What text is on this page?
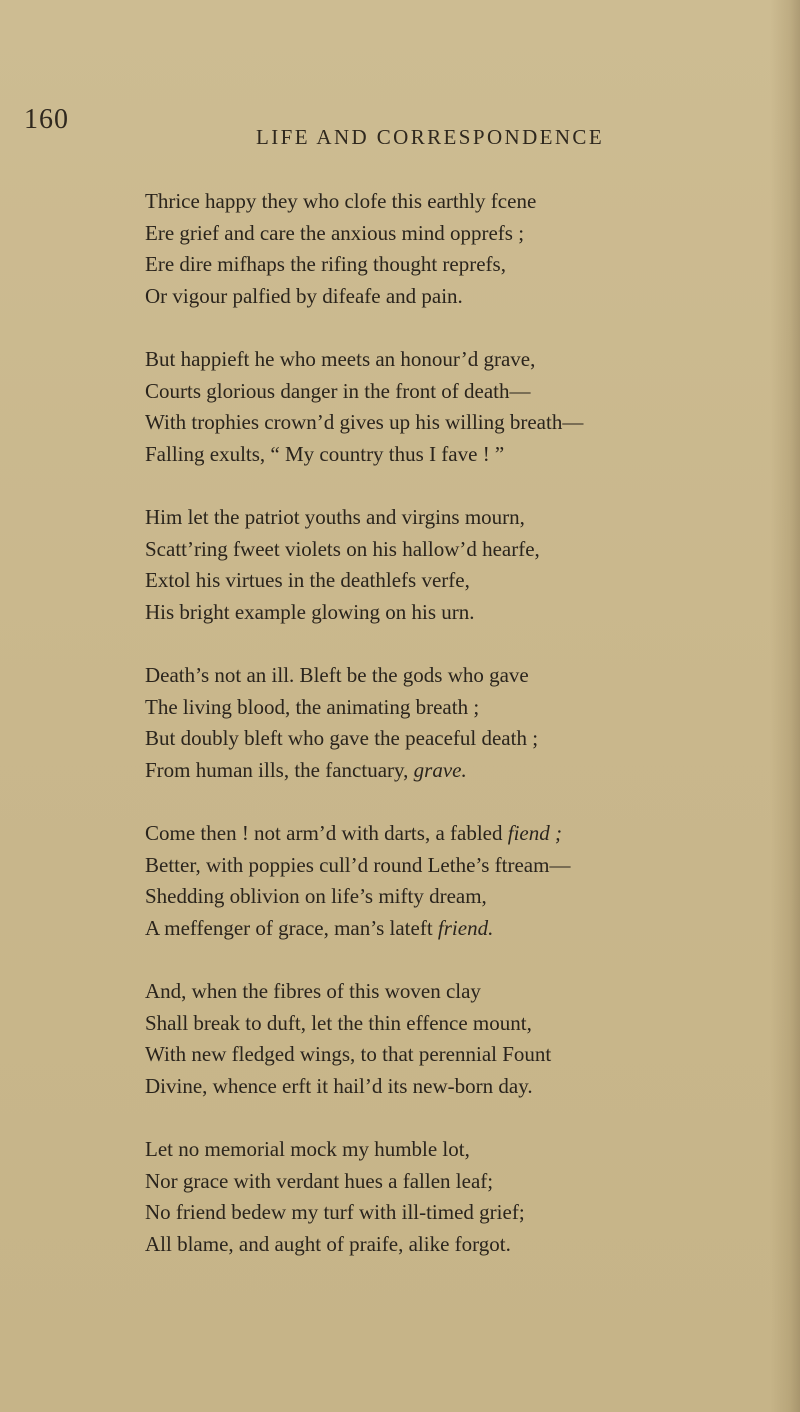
160
LIFE AND CORRESPONDENCE
Thrice happy they who clofe this earthly fcene
Ere grief and care the anxious mind opprefs ;
Ere dire mifhaps the rifing thought reprefs,
Or vigour palfied by difeafe and pain.
But happieft he who meets an honour’d grave,
Courts glorious danger in the front of death—
With trophies crown’d gives up his willing breath—
Falling exults, “ My country thus I fave ! ”
Him let the patriot youths and virgins mourn,
Scatt’ring fweet violets on his hallow’d hearfe,
Extol his virtues in the deathlefs verfe,
His bright example glowing on his urn.
Death’s not an ill. Bleft be the gods who gave
The living blood, the animating breath ;
But doubly bleft who gave the peaceful death ;
From human ills, the fanctuary, grave.
Come then ! not arm’d with darts, a fabled fiend ;
Better, with poppies cull’d round Lethe’s ftream—
Shedding oblivion on life’s mifty dream,
A meffenger of grace, man’s lateft friend.
And, when the fibres of this woven clay
Shall break to duft, let the thin effence mount,
With new fledged wings, to that perennial Fount
Divine, whence erft it hail’d its new-born day.
Let no memorial mock my humble lot,
Nor grace with verdant hues a fallen leaf;
No friend bedew my turf with ill-timed grief;
All blame, and aught of praife, alike forgot.
